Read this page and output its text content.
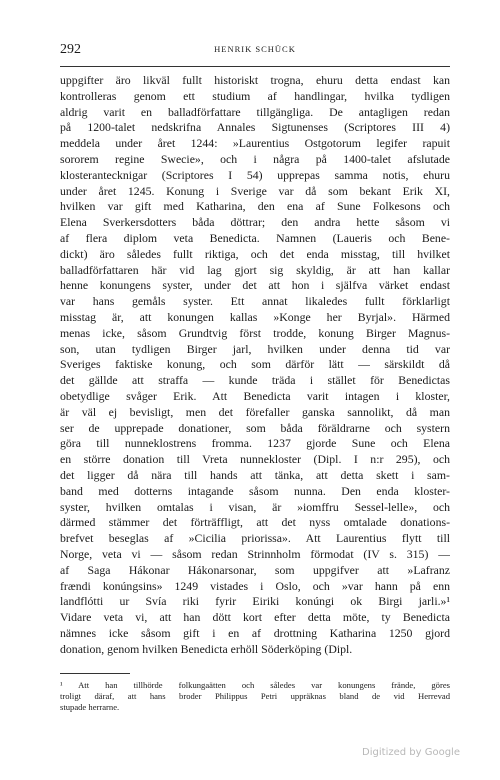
292	HENRIK SCHÜCK
uppgifter äro likväl fullt historiskt trogna, ehuru detta endast kan
kontrolleras genom ett studium af handlingar, hvilka tydligen
aldrig varit en balladförfattare tillgängliga. De antagligen redan
på 1200-talet nedskrifna Annales Sigtunenses (Scriptores III 4)
meddela under året 1244: »Laurentius Ostgotorum legifer rapuit
sororem regine Swecie», och i några på 1400-talet afslutade
klosterantecknigar (Scriptores I 54) upprepas samma notis, ehuru
under året 1245. Konung i Sverige var då som bekant Erik XI,
hvilken var gift med Katharina, den ena af Sune Folkesons och
Elena Sverkersdotters båda döttrar; den andra hette såsom vi
af flera diplom veta Benedicta. Namnen (Laueris och Bene-
dickt) äro således fullt riktiga, och det enda misstag, till hvilket
balladförfattaren här vid lag gjort sig skyldig, är att han kallar
henne konungens syster, under det att hon i själfva värket endast
var hans gemåls syster. Ett annat likaledes fullt förklarligt
misstag är, att konungen kallas »Konge her Byrjal». Härmed
menas icke, såsom Grundtvig först trodde, konung Birger Magnus-
son, utan tydligen Birger jarl, hvilken under denna tid var
Sveriges faktiske konung, och som därför lätt — särskildt då
det gällde att straffa — kunde träda i stället för Benedictas
obetydlige svåger Erik. Att Benedicta varit intagen i kloster,
är väl ej bevisligt, men det förefaller ganska sannolikt, då man
ser de upprepade donationer, som båda föräldrarne och systern
göra till nunneklostrens fromma. 1237 gjorde Sune och Elena
en större donation till Vreta nunnekloster (Dipl. I n:r 295), och
det ligger då nära till hands att tänka, att detta skett i sam-
band med dotterns intagande såsom nunna. Den enda kloster-
syster, hvilken omtalas i visan, är »iomffru Sessel-lelle», och
därmed stämmer det förträffligt, att det nyss omtalade donations-
brefvet beseglas af »Cicilia priorissa». Att Laurentius flytt till
Norge, veta vi — såsom redan Strinnholm förmodat (IV s. 315) —
af Saga Hákonar Hákonarsonar, som uppgifver att »Lafranz
frændi konúngsins» 1249 vistades i Oslo, och »var hann på enn
landflótti ur Svía riki fyrir Eiriki konúngi ok Birgi jarli.»¹
Vidare veta vi, att han dött kort efter detta möte, ty Benedicta
nämnes icke såsom gift i en af drottning Katharina 1250 gjord
donation, genom hvilken Benedicta erhöll Söderköping (Dipl.
¹ Att han tillhörde folkungaätten och således var konungens frände, göres
troligt däraf, att hans broder Philippus Petri uppräknas bland de vid Herrevad
stupade herrarne.
Digitized by Google
